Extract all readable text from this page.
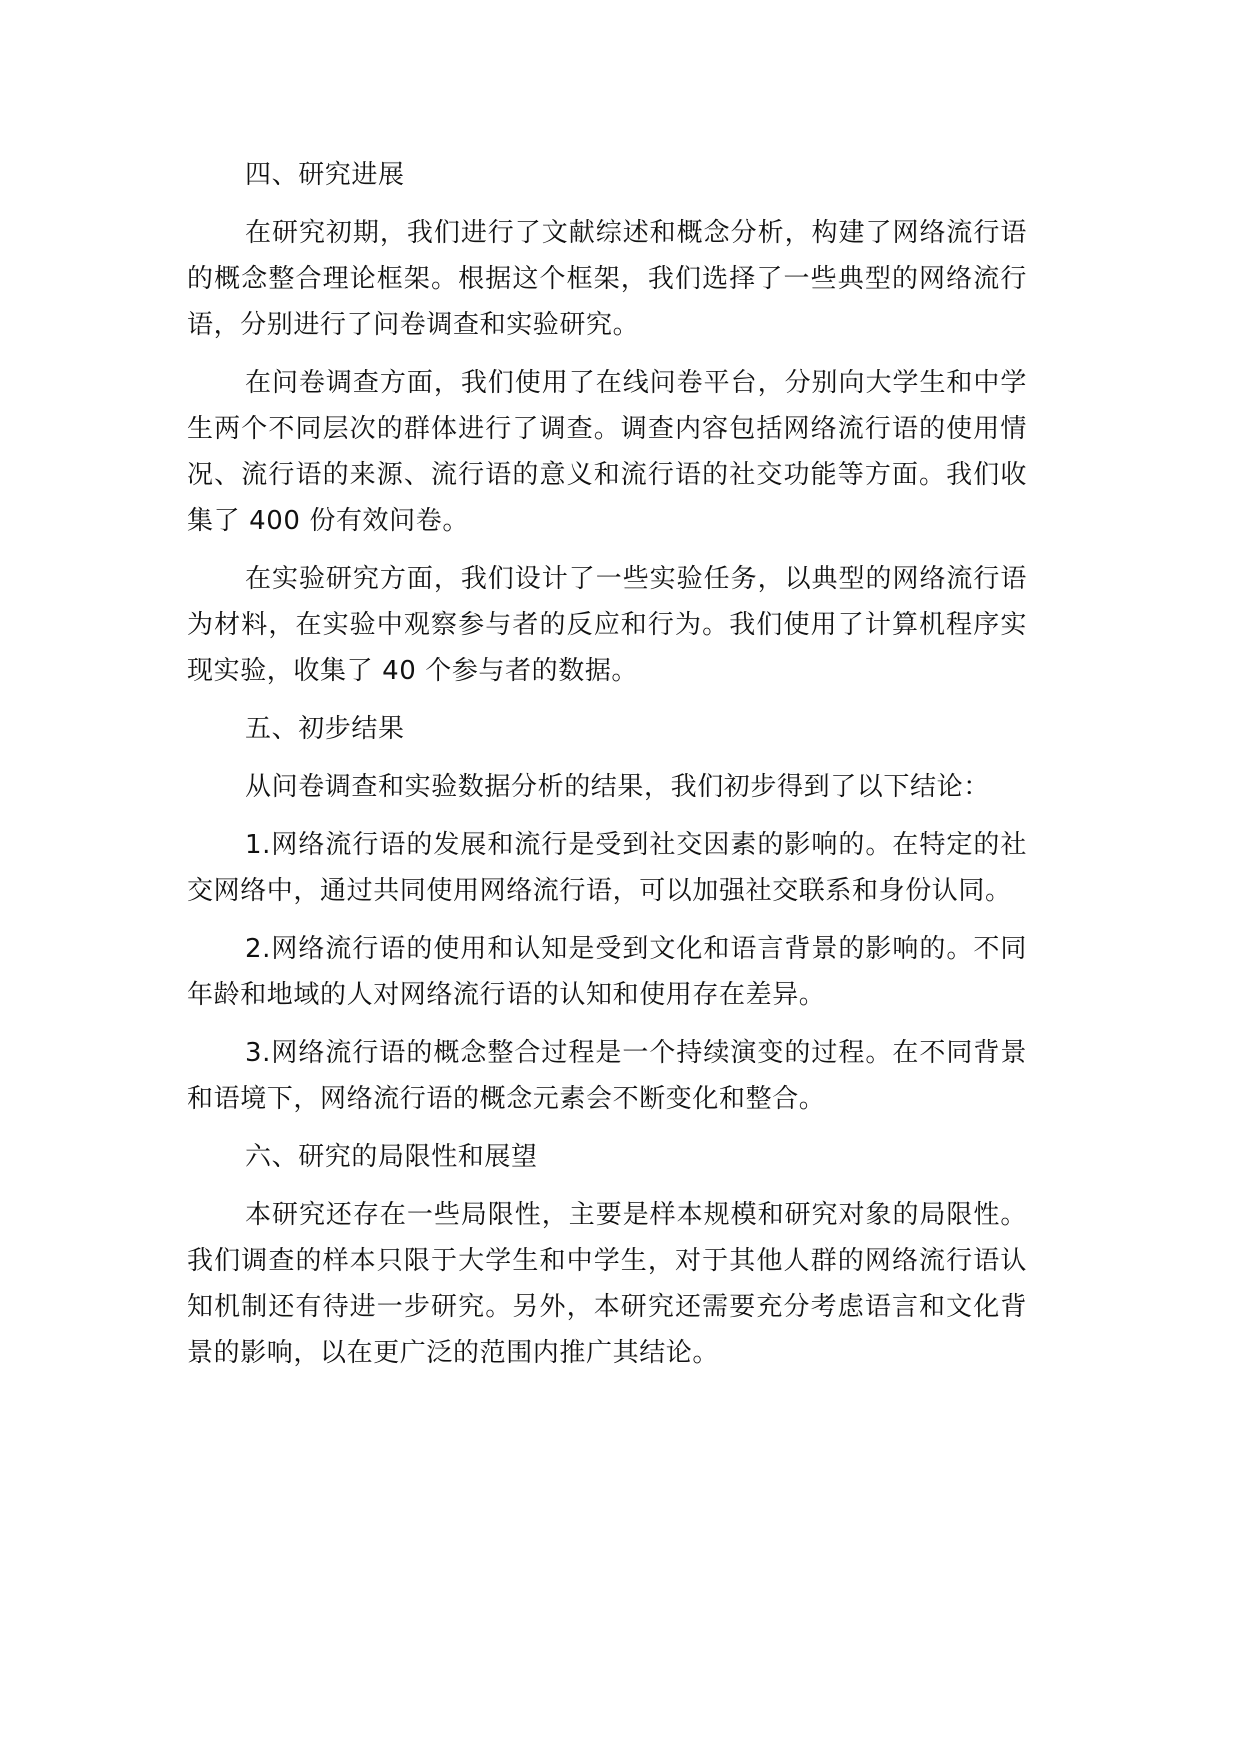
四、研究进展

在研究初期，我们进行了文献综述和概念分析，构建了网络流行语的概念整合理论框架。根据这个框架，我们选择了一些典型的网络流行语，分别进行了问卷调查和实验研究。

在问卷调查方面，我们使用了在线问卷平台，分别向大学生和中学生两个不同层次的群体进行了调查。调查内容包括网络流行语的使用情况、流行语的来源、流行语的意义和流行语的社交功能等方面。我们收集了 400 份有效问卷。

在实验研究方面，我们设计了一些实验任务，以典型的网络流行语为材料，在实验中观察参与者的反应和行为。我们使用了计算机程序实现实验，收集了 40 个参与者的数据。

五、初步结果

从问卷调查和实验数据分析的结果，我们初步得到了以下结论：

1.网络流行语的发展和流行是受到社交因素的影响的。在特定的社交网络中，通过共同使用网络流行语，可以加强社交联系和身份认同。

2.网络流行语的使用和认知是受到文化和语言背景的影响的。不同年龄和地域的人对网络流行语的认知和使用存在差异。

3.网络流行语的概念整合过程是一个持续演变的过程。在不同背景和语境下，网络流行语的概念元素会不断变化和整合。

六、研究的局限性和展望

本研究还存在一些局限性，主要是样本规模和研究对象的局限性。我们调查的样本只限于大学生和中学生，对于其他人群的网络流行语认知机制还有待进一步研究。另外，本研究还需要充分考虑语言和文化背景的影响，以在更广泛的范围内推广其结论。
